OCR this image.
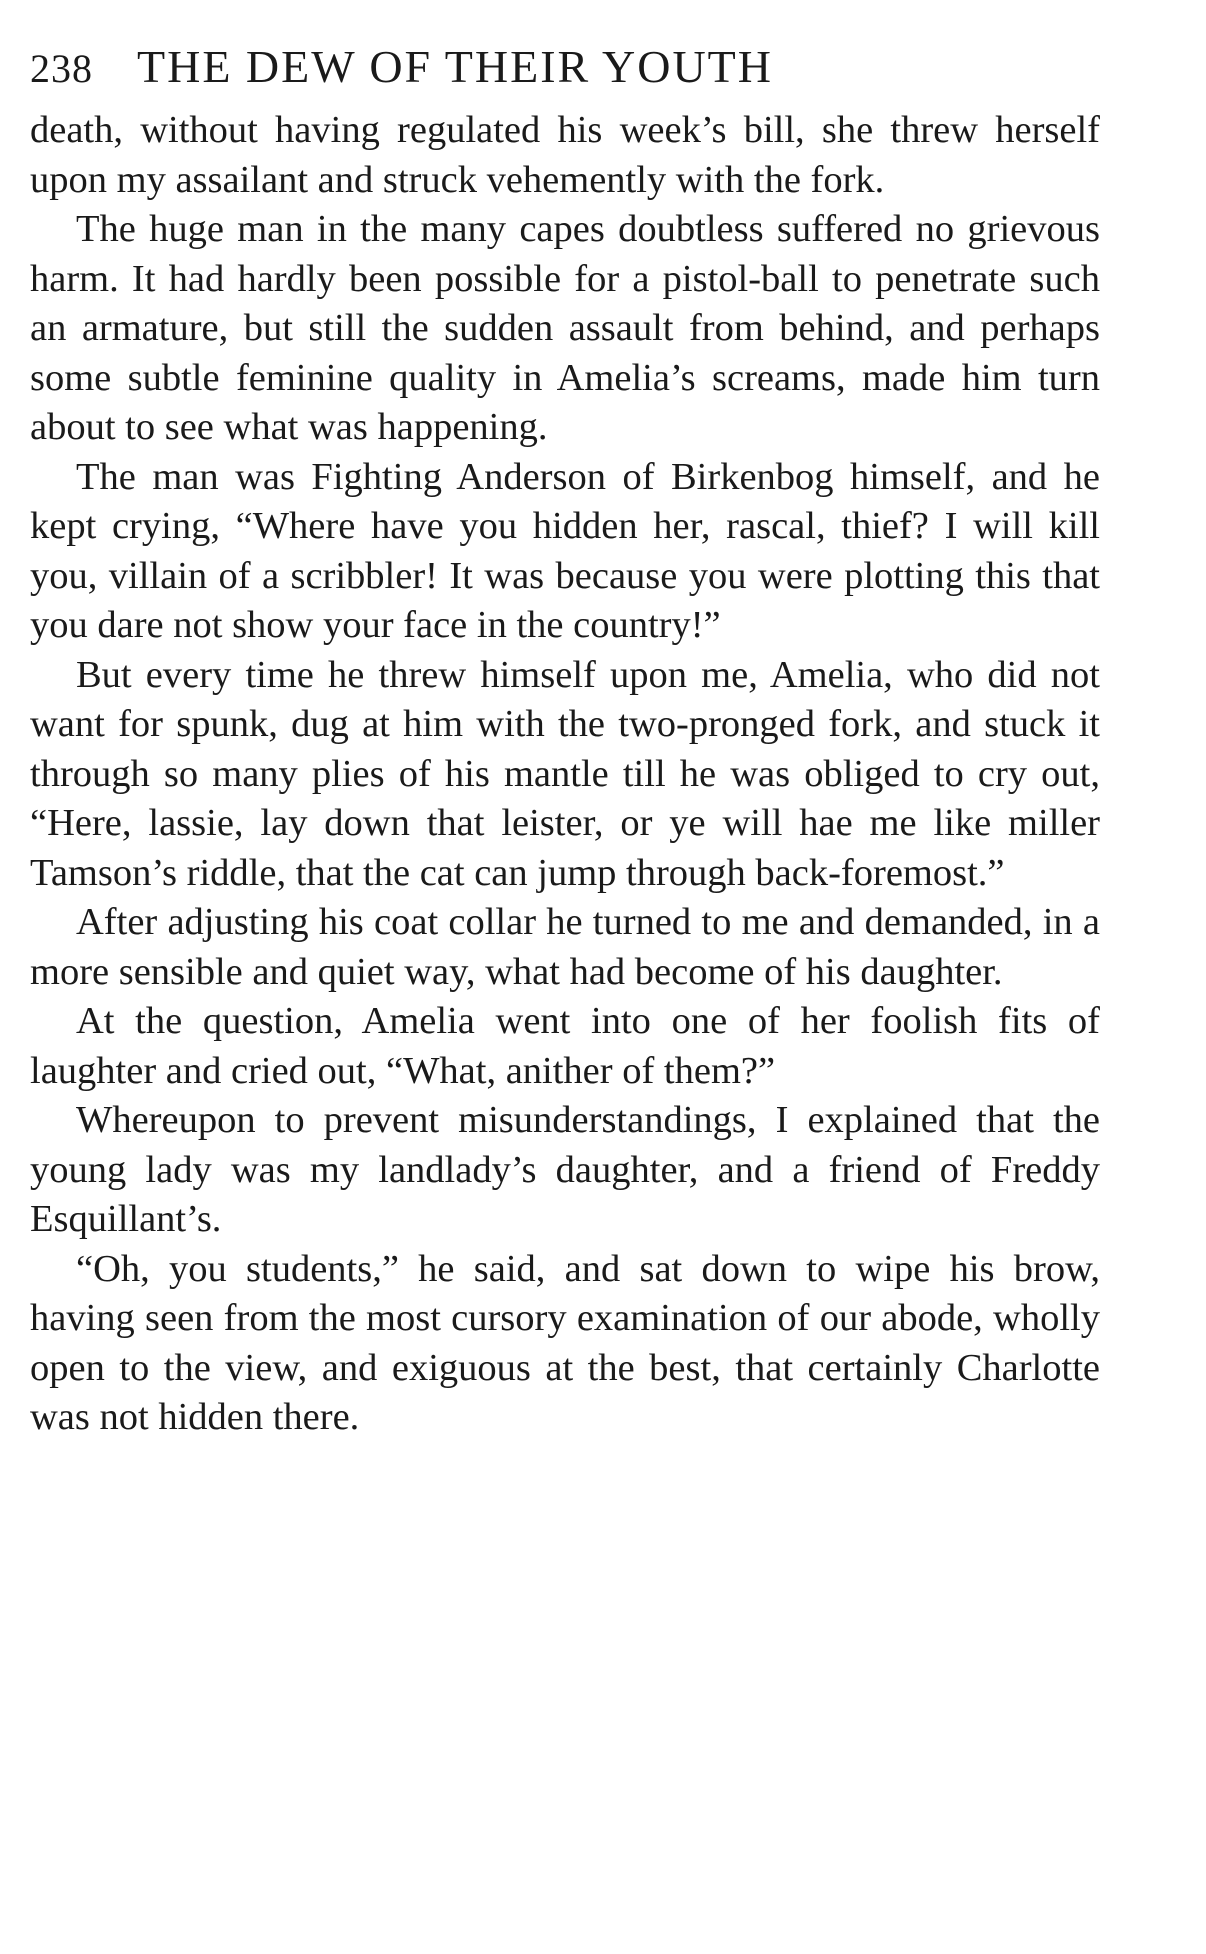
238 THE DEW OF THEIR YOUTH

death, without having regulated his week’s bill, she threw herself upon my assailant and struck vehemently with the fork.

The huge man in the many capes doubtless suffered no grievous harm. It had hardly been possible for a pistol-ball to penetrate such an armature, but still the sudden assault from behind, and perhaps some subtle feminine quality in Amelia’s screams, made him turn about to see what was happening.

The man was Fighting Anderson of Birkenbog himself, and he kept crying, “Where have you hidden her, rascal, thief? I will kill you, villain of a scribbler! It was because you were plotting this that you dare not show your face in the country!”

But every time he threw himself upon me, Amelia, who did not want for spunk, dug at him with the two-pronged fork, and stuck it through so many plies of his mantle till he was obliged to cry out, “Here, lassie, lay down that leister, or ye will hae me like miller Tamson’s riddle, that the cat can jump through back-foremost.”

After adjusting his coat collar he turned to me and demanded, in a more sensible and quiet way, what had become of his daughter.

At the question, Amelia went into one of her foolish fits of laughter and cried out, “What, anither of them?”

Whereupon to prevent misunderstandings, I explained that the young lady was my landlady’s daughter, and a friend of Freddy Esquillant’s.

“Oh, you students,” he said, and sat down to wipe his brow, having seen from the most cursory examination of our abode, wholly open to the view, and exiguous at the best, that certainly Charlotte was not hidden there.
